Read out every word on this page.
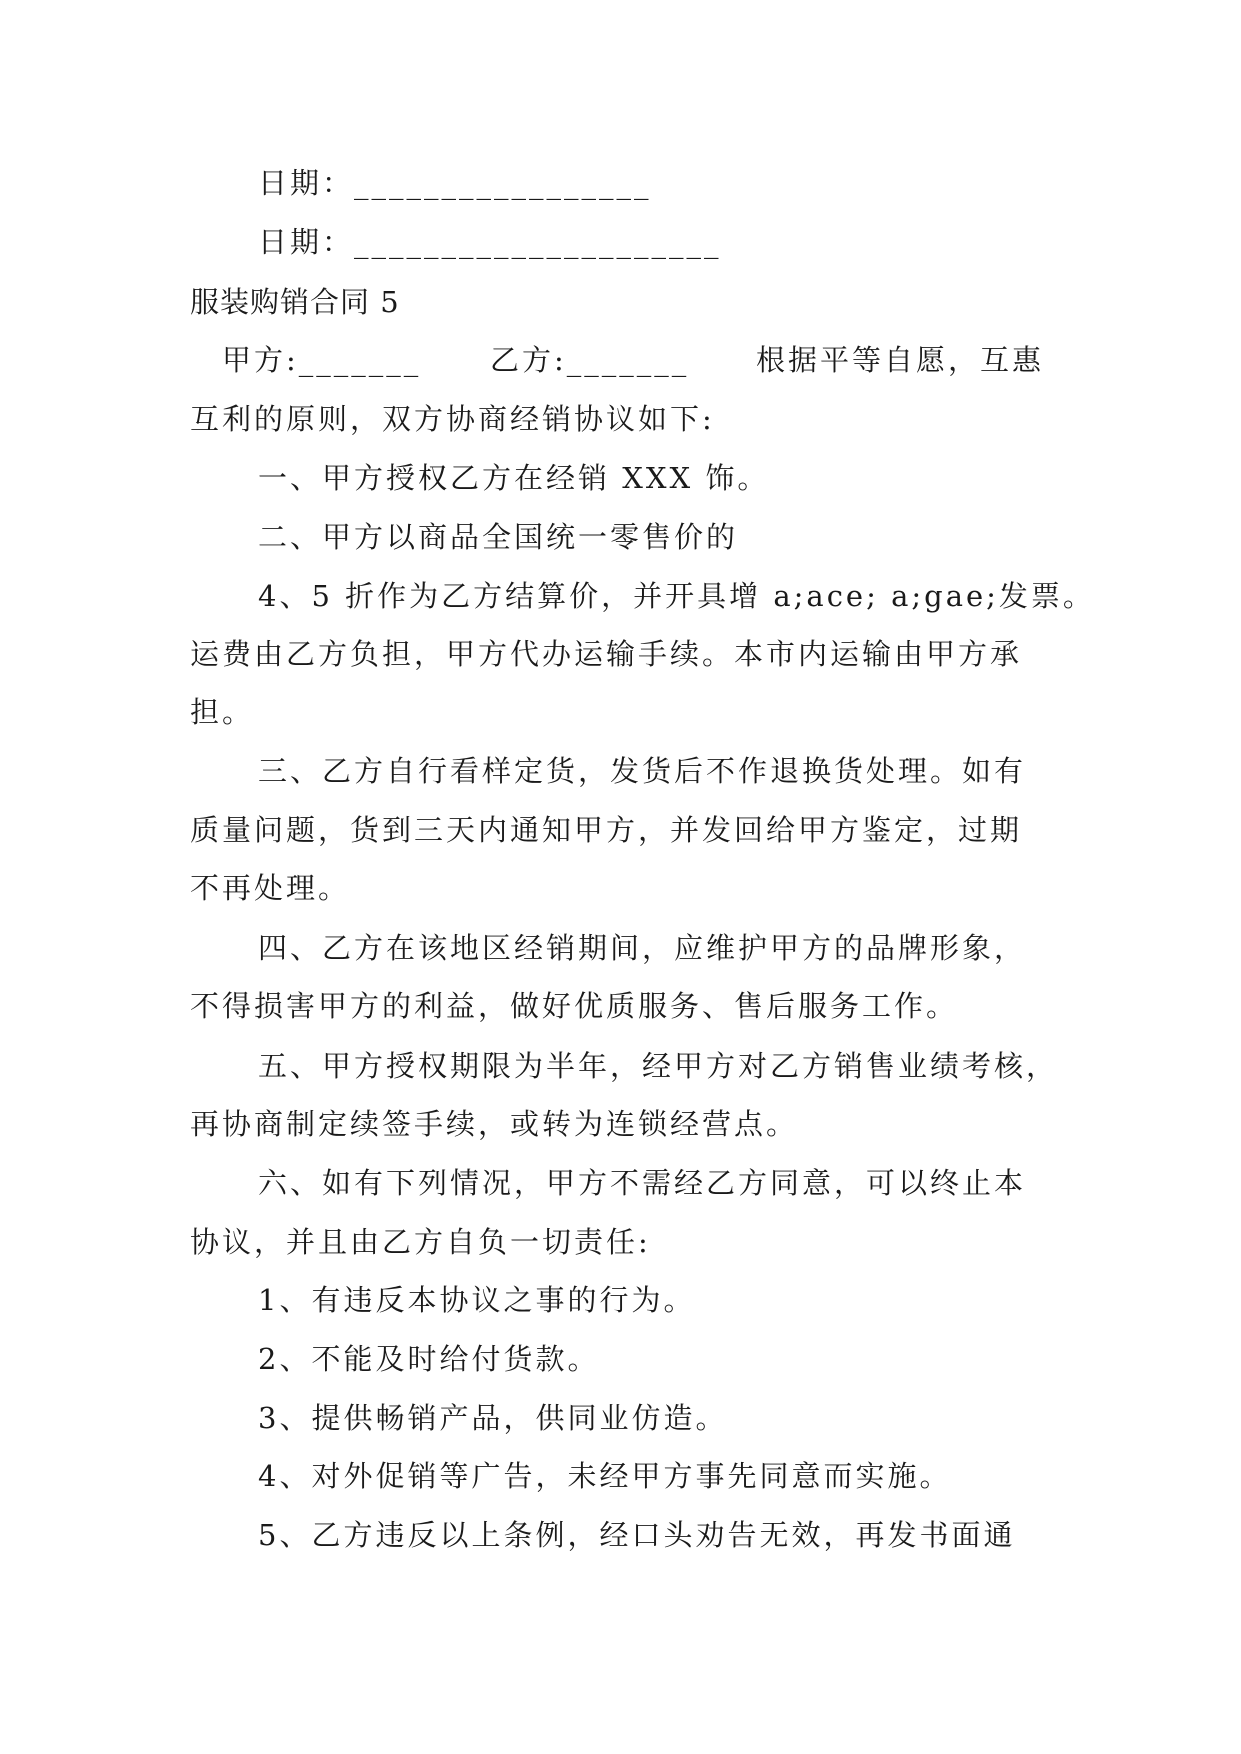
日期：_________________
日期：_____________________
服装购销合同 5
甲方:_______ 乙方:_______ 根据平等自愿，互惠
互利的原则，双方协商经销协议如下:
一、甲方授权乙方在经销 XXX 饰。
二、甲方以商品全国统一零售价的
4、5 折作为乙方结算价，并开具增 a;ace; a;gae;发票。
运费由乙方负担，甲方代办运输手续。本市内运输由甲方承
担。
三、乙方自行看样定货，发货后不作退换货处理。如有
质量问题，货到三天内通知甲方，并发回给甲方鉴定，过期
不再处理。
四、乙方在该地区经销期间，应维护甲方的品牌形象，
不得损害甲方的利益，做好优质服务、售后服务工作。
五、甲方授权期限为半年，经甲方对乙方销售业绩考核，
再协商制定续签手续，或转为连锁经营点。
六、如有下列情况，甲方不需经乙方同意，可以终止本
协议，并且由乙方自负一切责任:
1、有违反本协议之事的行为。
2、不能及时给付货款。
3、提供畅销产品，供同业仿造。
4、对外促销等广告，未经甲方事先同意而实施。
5、乙方违反以上条例，经口头劝告无效，再发书面通
